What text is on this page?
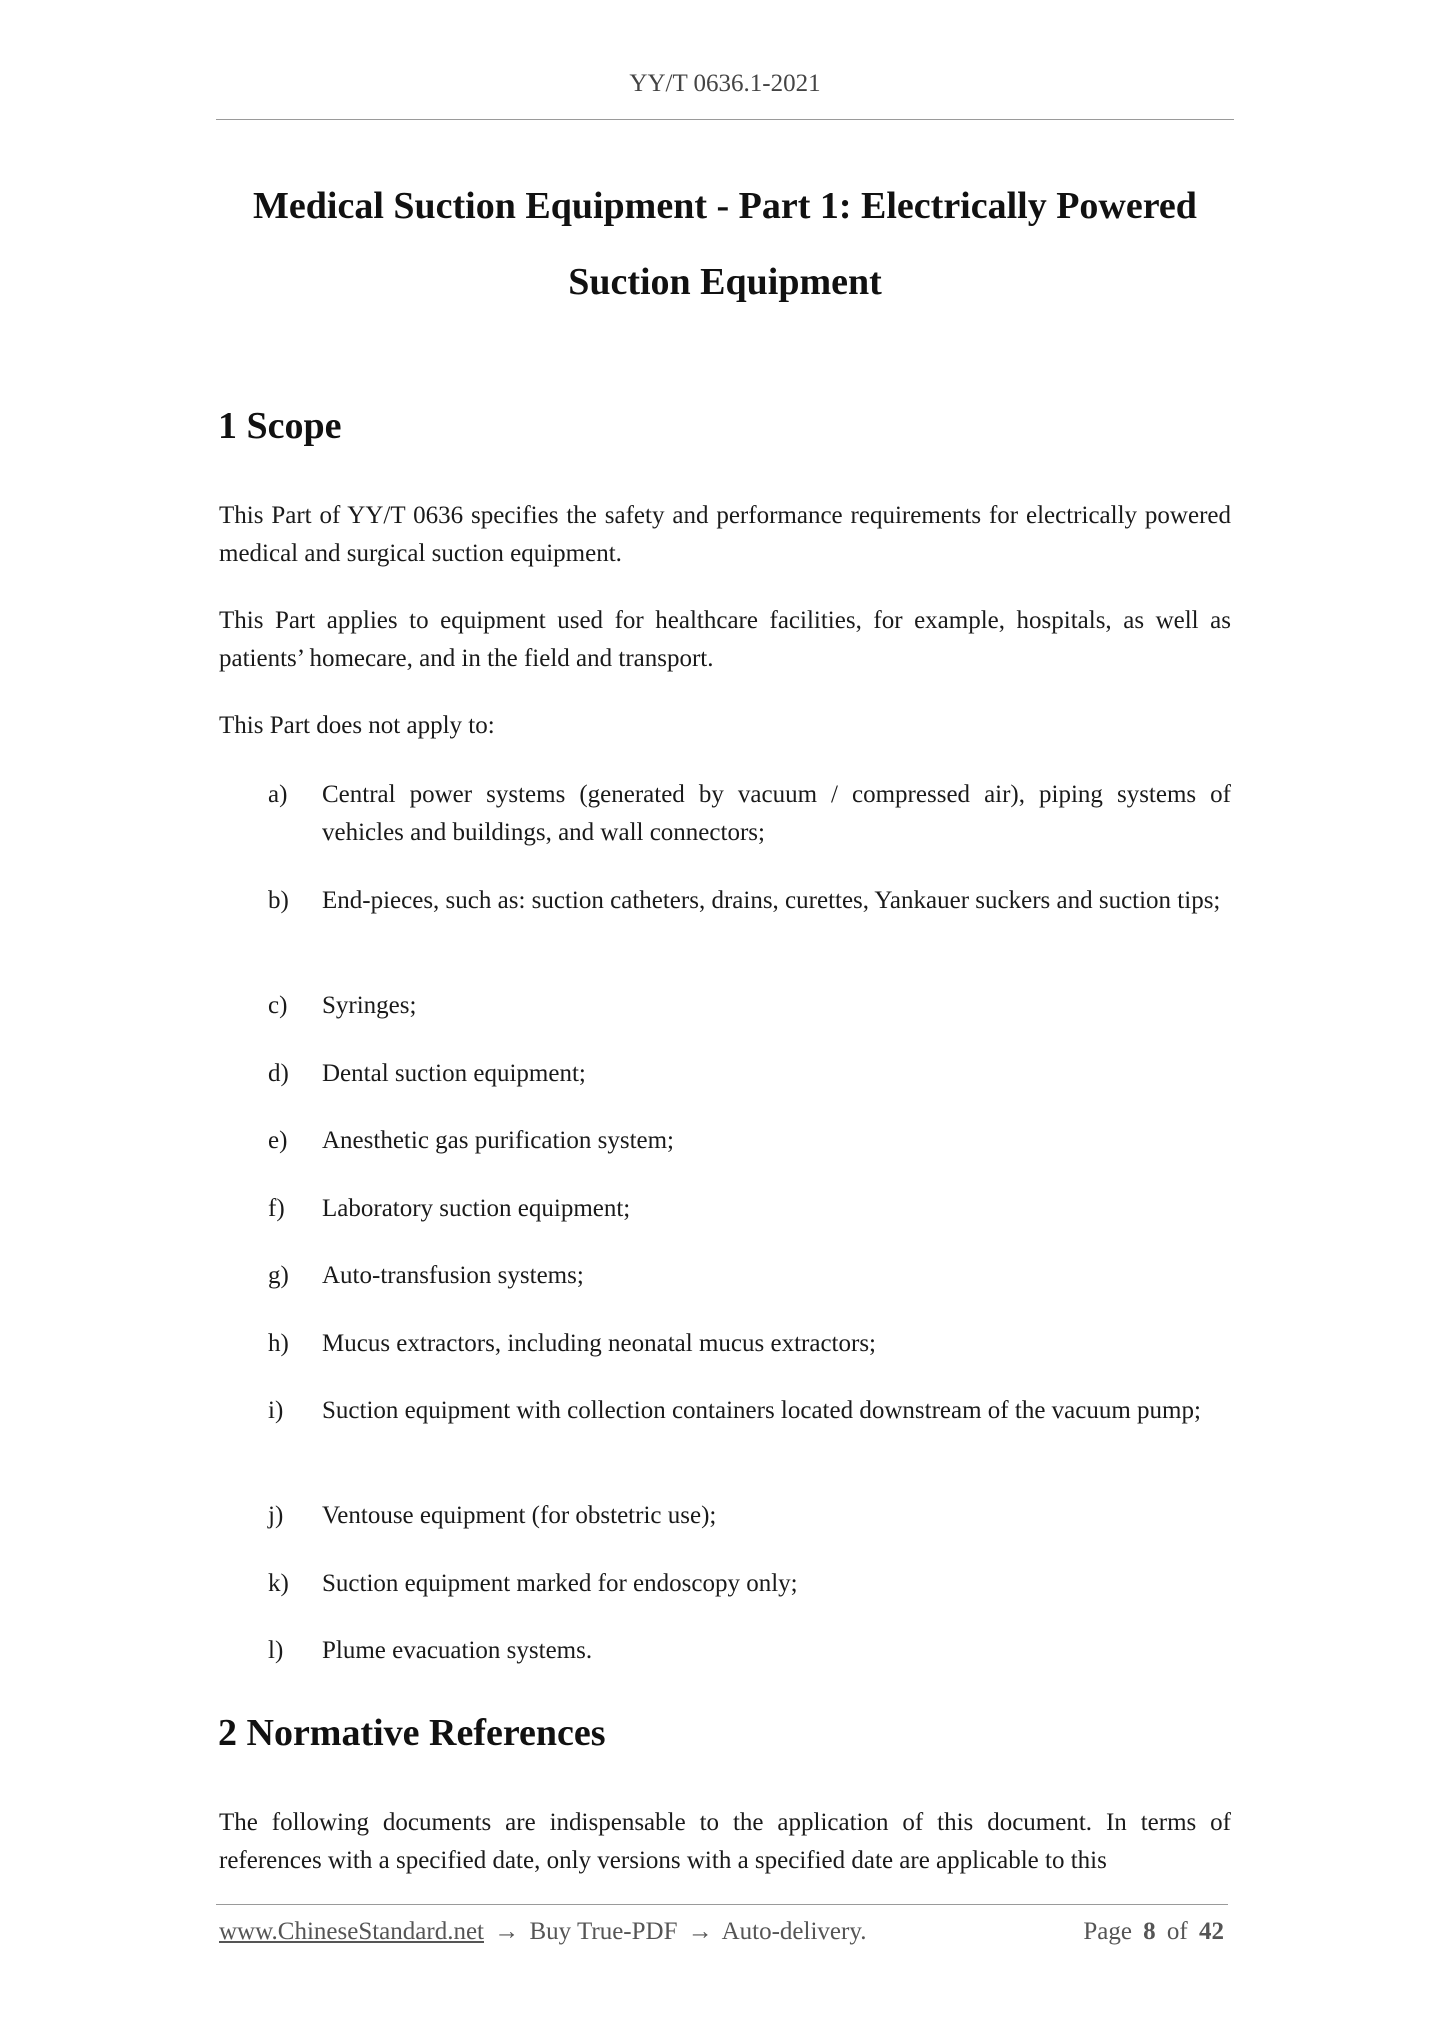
YY/T 0636.1-2021
Medical Suction Equipment - Part 1: Electrically Powered
Suction Equipment
1 Scope

This Part of YY/T 0636 specifies the safety and performance requirements for electrically powered medical and surgical suction equipment.

This Part applies to equipment used for healthcare facilities, for example, hospitals, as well as patients’ homecare, and in the field and transport.

This Part does not apply to:

a)	Central power systems (generated by vacuum / compressed air), piping systems of vehicles and buildings, and wall connectors;
b)	End-pieces, such as: suction catheters, drains, curettes, Yankauer suckers and suction tips;
c)	Syringes;
d)	Dental suction equipment;
e)	Anesthetic gas purification system;
f)	Laboratory suction equipment;
g)	Auto-transfusion systems;
h)	Mucus extractors, including neonatal mucus extractors;
i)	Suction equipment with collection containers located downstream of the vacuum pump;
j)	Ventouse equipment (for obstetric use);
k)	Suction equipment marked for endoscopy only;
l)	Plume evacuation systems.
2 Normative References

The following documents are indispensable to the application of this document. In terms of references with a specified date, only versions with a specified date are applicable to this

www.ChineseStandard.net → Buy True-PDF → Auto-delivery.	Page 8 of 42
